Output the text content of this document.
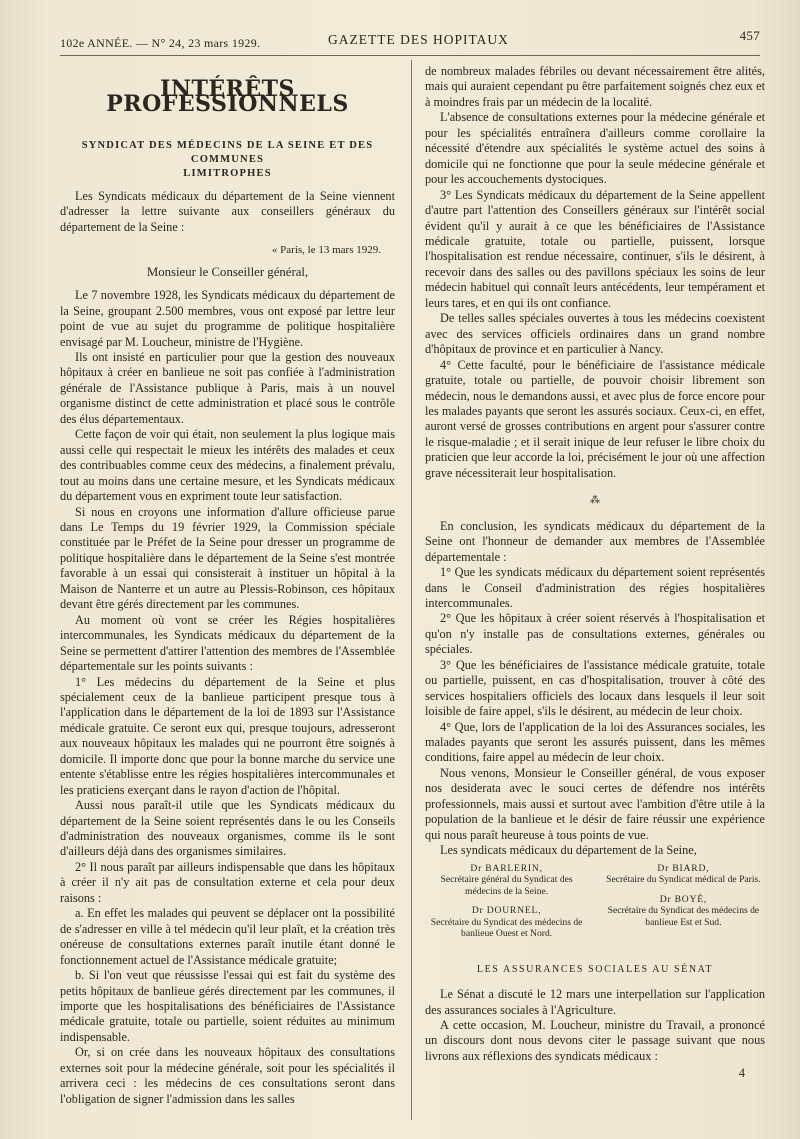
102e ANNÉE. — N° 24, 23 mars 1929.	GAZETTE DES HOPITAUX	457
INTÉRÊTS PROFESSIONNELS
SYNDICAT DES MÉDECINS DE LA SEINE ET DES COMMUNES
LIMITROPHES

Les Syndicats médicaux du département de la Seine viennent d'adresser la lettre suivante aux conseillers généraux du département de la Seine :

« Paris, le 13 mars 1929.
Monsieur le Conseiller général,

Le 7 novembre 1928, les Syndicats médicaux du département de la Seine, groupant 2.500 membres, vous ont exposé par lettre leur point de vue au sujet du programme de politique hospitalière envisagé par M. Loucheur, ministre de l'Hygiène.

Ils ont insisté en particulier pour que la gestion des nouveaux hôpitaux à créer en banlieue ne soit pas confiée à l'administration générale de l'Assistance publique à Paris, mais à un nouvel organisme distinct de cette administration et placé sous le contrôle des élus départementaux.

Cette façon de voir qui était, non seulement la plus logique mais aussi celle qui respectait le mieux les intérêts des malades et ceux des contribuables comme ceux des médecins, a finalement prévalu, tout au moins dans une certaine mesure, et les Syndicats médicaux du département vous en expriment toute leur satisfaction.

Si nous en croyons une information d'allure officieuse parue dans Le Temps du 19 février 1929, la Commission spéciale constituée par le Préfet de la Seine pour dresser un programme de politique hospitalière dans le département de la Seine s'est montrée favorable à un essai qui consisterait à instituer un hôpital à la Maison de Nanterre et un autre au Plessis-Robinson, ces hôpitaux devant être gérés directement par les communes.

Au moment où vont se créer les Régies hospitalières intercommunales, les Syndicats médicaux du département de la Seine se permettent d'attirer l'attention des membres de l'Assemblée départementale sur les points suivants :

1° Les médecins du département de la Seine et plus spécialement ceux de la banlieue participent presque tous à l'application dans le département de la loi de 1893 sur l'Assistance médicale gratuite. Ce seront eux qui, presque toujours, adresseront aux nouveaux hôpitaux les malades qui ne pourront être soignés à domicile. Il importe donc que pour la bonne marche du service une entente s'établisse entre les régies hospitalières intercommunales et les praticiens exerçant dans le rayon d'action de l'hôpital.

Aussi nous paraît-il utile que les Syndicats médicaux du département de la Seine soient représentés dans le ou les Conseils d'administration des nouveaux organismes, comme ils le sont d'ailleurs déjà dans des organismes similaires.

2° Il nous paraît par ailleurs indispensable que dans les hôpitaux à créer il n'y ait pas de consultation externe et cela pour deux raisons :

a. En effet les malades qui peuvent se déplacer ont la possibilité de s'adresser en ville à tel médecin qu'il leur plaît, et la création très onéreuse de consultations externes paraît inutile étant donné le fonctionnement actuel de l'Assistance médicale gratuite;

b. Si l'on veut que réussisse l'essai qui est fait du système des petits hôpitaux de banlieue gérés directement par les communes, il importe que les hospitalisations des bénéficiaires de l'Assistance médicale gratuite, totale ou partielle, soient réduites au minimum indispensable.

Or, si on crée dans les nouveaux hôpitaux des consultations externes soit pour la médecine générale, soit pour les spécialités il arrivera ceci : les médecins de ces consultations seront dans l'obligation de signer l'admission dans les salles

de nombreux malades fébriles ou devant nécessairement être alités, mais qui auraient cependant pu être parfaitement soignés chez eux et à moindres frais par un médecin de la localité.

L'absence de consultations externes pour la médecine générale et pour les spécialités entraînera d'ailleurs comme corollaire la nécessité d'étendre aux spécialités le système actuel des soins à domicile qui ne fonctionne que pour la seule médecine générale et pour les accouchements dystociques.

3° Les Syndicats médicaux du département de la Seine appellent d'autre part l'attention des Conseillers généraux sur l'intérêt social évident qu'il y aurait à ce que les bénéficiaires de l'Assistance médicale gratuite, totale ou partielle, puissent, lorsque l'hospitalisation est rendue nécessaire, continuer, s'ils le désirent, à recevoir dans des salles ou des pavillons spéciaux les soins de leur médecin habituel qui connaît leurs antécédents, leur tempérament et leurs tares, et en qui ils ont confiance.

De telles salles spéciales ouvertes à tous les médecins coexistent avec des services officiels ordinaires dans un grand nombre d'hôpitaux de province et en particulier à Nancy.

4° Cette faculté, pour le bénéficiaire de l'assistance médicale gratuite, totale ou partielle, de pouvoir choisir librement son médecin, nous le demandons aussi, et avec plus de force encore pour les malades payants que seront les assurés sociaux. Ceux-ci, en effet, auront versé de grosses contributions en argent pour s'assurer contre le risque-maladie ; et il serait inique de leur refuser le libre choix du praticien que leur accorde la loi, précisément le jour où une affection grave nécessiterait leur hospitalisation.

⁂

En conclusion, les syndicats médicaux du département de la Seine ont l'honneur de demander aux membres de l'Assemblée départementale :

1° Que les syndicats médicaux du département soient représentés dans le Conseil d'administration des régies hospitalières intercommunales.

2° Que les hôpitaux à créer soient réservés à l'hospitalisation et qu'on n'y installe pas de consultations externes, générales ou spéciales.

3° Que les bénéficiaires de l'assistance médicale gratuite, totale ou partielle, puissent, en cas d'hospitalisation, trouver à côté des services hospitaliers officiels des locaux dans lesquels il leur soit loisible de faire appel, s'ils le désirent, au médecin de leur choix.

4° Que, lors de l'application de la loi des Assurances sociales, les malades payants que seront les assurés puissent, dans les mêmes conditions, faire appel au médecin de leur choix.

Nous venons, Monsieur le Conseiller général, de vous exposer nos desiderata avec le souci certes de défendre nos intérêts professionnels, mais aussi et surtout avec l'ambition d'être utile à la population de la banlieue et le désir de faire réussir une expérience qui nous paraît heureuse à tous points de vue.

Les syndicats médicaux du département de la Seine,

Dr BARLERIN,
Secrétaire général du Syndicat des médecins de la Seine.
Dr DOURNEL,
Secrétaire du Syndicat des médecins de banlieue Ouest et Nord.
Dr BIARD,
Secrétaire du Syndicat médical de Paris.
Dr BOYÉ,
Secrétaire du Syndicat des médecins de banlieue Est et Sud.
LES ASSURANCES SOCIALES AU SÉNAT

Le Sénat a discuté le 12 mars une interpellation sur l'application des assurances sociales à l'Agriculture.

A cette occasion, M. Loucheur, ministre du Travail, a prononcé un discours dont nous devons citer le passage suivant que nous livrons aux réflexions des syndicats médicaux :

4
